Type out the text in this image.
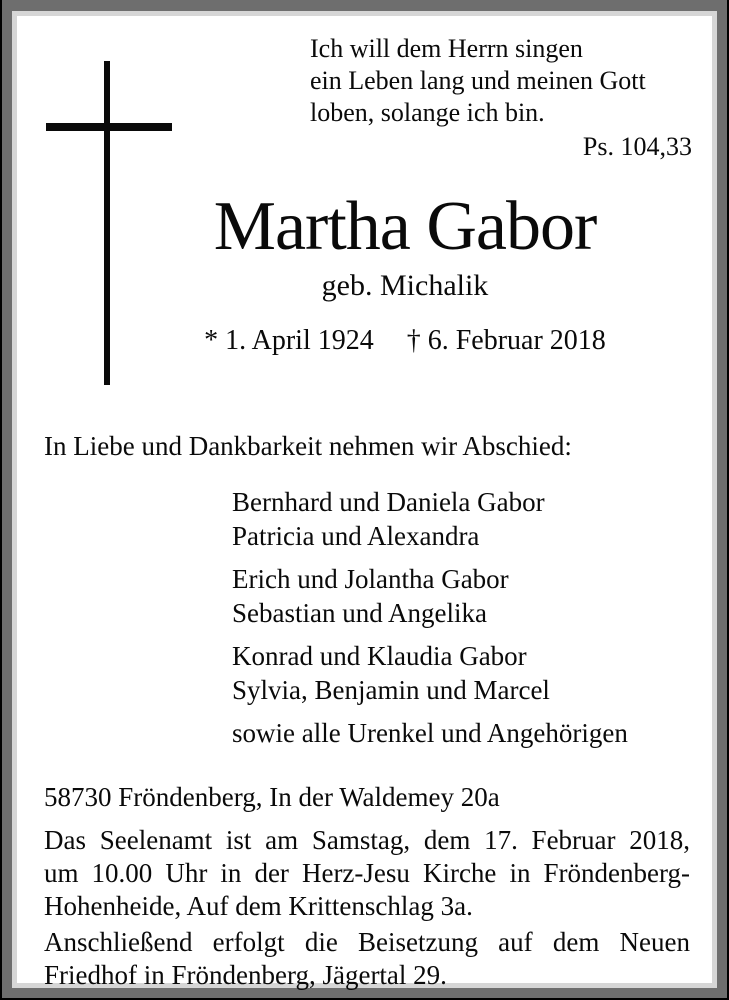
Ich will dem Herrn singen
ein Leben lang und meinen Gott
loben, solange ich bin.
Ps. 104,33
Martha Gabor
geb. Michalik
* 1. April 1924 † 6. Februar 2018
In Liebe und Dankbarkeit nehmen wir Abschied:
Bernhard und Daniela Gabor
Patricia und Alexandra
Erich und Jolantha Gabor
Sebastian und Angelika
Konrad und Klaudia Gabor
Sylvia, Benjamin und Marcel
sowie alle Urenkel und Angehörigen
58730 Fröndenberg, In der Waldemey 20a
Das Seelenamt ist am Samstag, dem 17. Februar 2018,
um 10.00 Uhr in der Herz-Jesu Kirche in Fröndenberg-
Hohenheide, Auf dem Krittenschlag 3a.
Anschließend erfolgt die Beisetzung auf dem Neuen
Friedhof in Fröndenberg, Jägertal 29.
